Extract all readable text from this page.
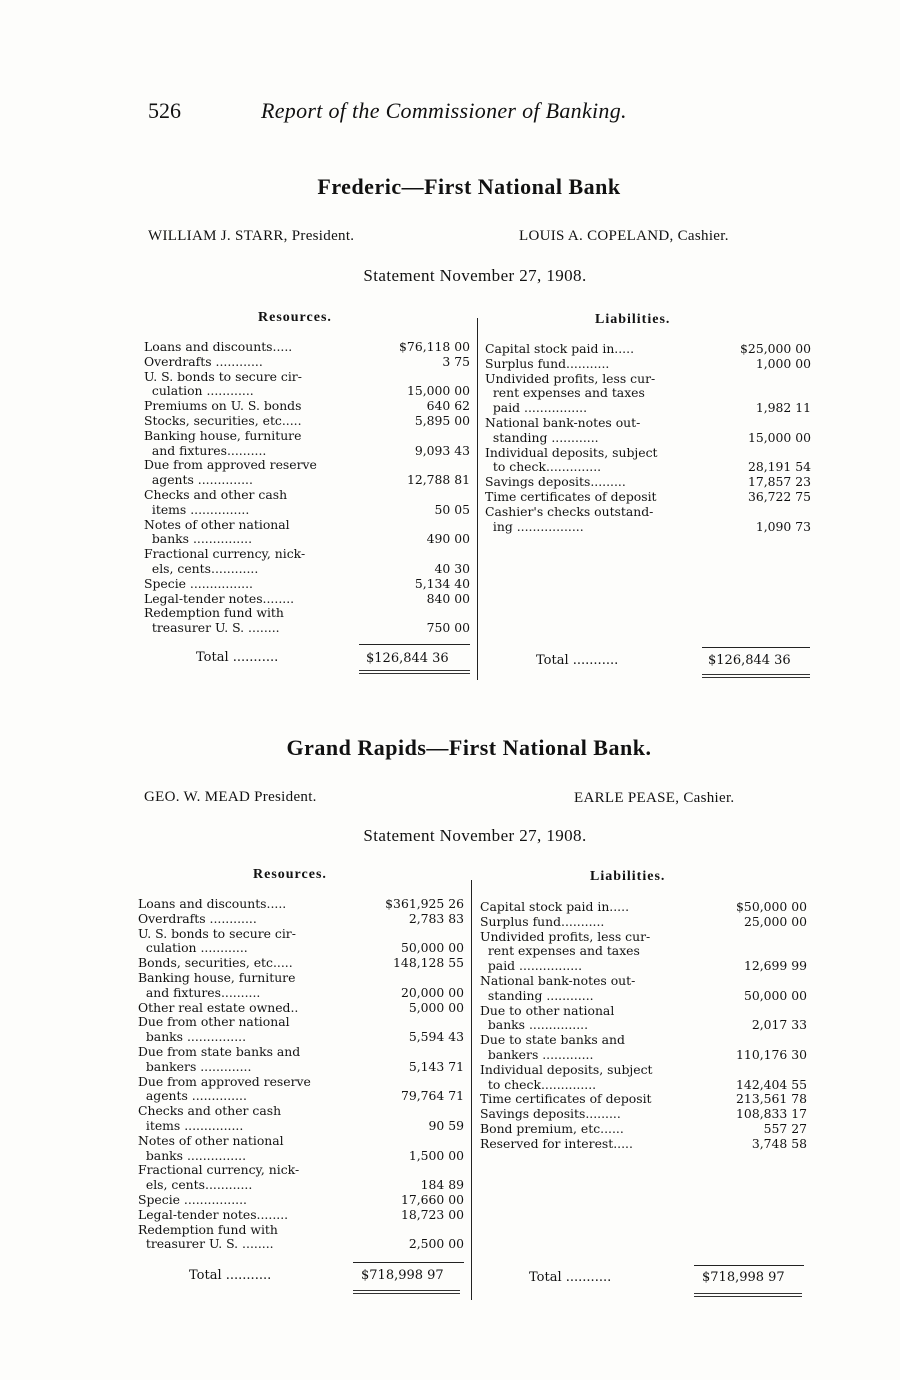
526	Report of the Commissioner of Banking.
Frederic—First National Bank
WILLIAM J. STARR, President.	LOUIS A. COPELAND, Cashier.
Statement November 27, 1908.
Resources.	Liabilities.
Loans and discounts.....	$76,118 00
Overdrafts ............	3 75
U. S. bonds to secure cir-
culation ............	15,000 00
Premiums on U. S. bonds	640 62
Stocks, securities, etc.....	5,895 00
Banking house, furniture
and fixtures..........	9,093 43
Due from approved reserve
agents ..............	12,788 81
Checks and other cash
items ...............	50 05
Notes of other national
banks ...............	490 00
Fractional currency, nick-
els, cents............	40 30
Specie ................	5,134 40
Legal-tender notes........	840 00
Redemption fund with
treasurer U. S. ........	750 00
Capital stock paid in.....	$25,000 00
Surplus fund...........	1,000 00
Undivided profits, less cur-
rent expenses and taxes
paid ................	1,982 11
National bank-notes out-
standing ............	15,000 00
Individual deposits, subject
to check..............	28,191 54
Savings deposits.........	17,857 23
Time certificates of deposit	36,722 75
Cashier's checks outstand-
ing .................	1,090 73
Total ...........	$126,844 36	Total ...........	$126,844 36
Grand Rapids—First National Bank.
GEO. W. MEAD President.	EARLE PEASE, Cashier.
Statement November 27, 1908.
Resources.	Liabilities.
Loans and discounts.....	$361,925 26
Overdrafts ............	2,783 83
U. S. bonds to secure cir-
culation ............	50,000 00
Bonds, securities, etc.....	148,128 55
Banking house, furniture
and fixtures..........	20,000 00
Other real estate owned..	5,000 00
Due from other national
banks ...............	5,594 43
Due from state banks and
bankers .............	5,143 71
Due from approved reserve
agents ..............	79,764 71
Checks and other cash
items ...............	90 59
Notes of other national
banks ...............	1,500 00
Fractional currency, nick-
els, cents............	184 89
Specie ................	17,660 00
Legal-tender notes........	18,723 00
Redemption fund with
treasurer U. S. ........	2,500 00
Capital stock paid in.....	$50,000 00
Surplus fund...........	25,000 00
Undivided profits, less cur-
rent expenses and taxes
paid ................	12,699 99
National bank-notes out-
standing ............	50,000 00
Due to other national
banks ...............	2,017 33
Due to state banks and
bankers .............	110,176 30
Individual deposits, subject
to check..............	142,404 55
Time certificates of deposit	213,561 78
Savings deposits.........	108,833 17
Bond premium, etc......	557 27
Reserved for interest.....	3,748 58
Total ...........	$718,998 97	Total ...........	$718,998 97
